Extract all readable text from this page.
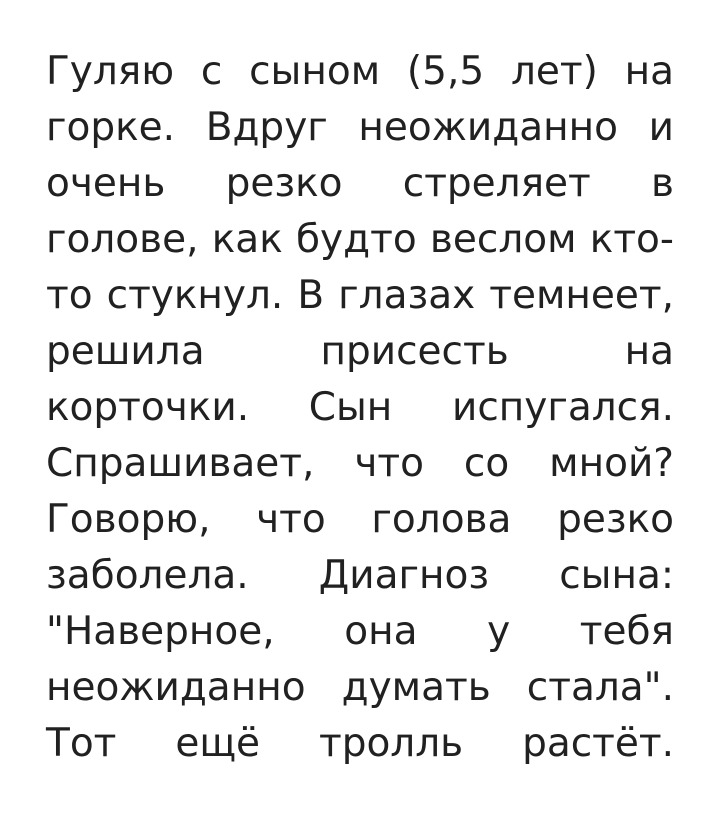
Гуляю с сыном (5,5 лет) на горке. Вдруг неожиданно и очень резко стреляет в голове, как будто веслом кто-то стукнул. В глазах темнеет, решила присесть на корточки. Сын испугался. Спрашивает, что со мной? Говорю, что голова резко заболела. Диагноз сына: "Наверное, она у тебя неожиданно думать стала". Тот ещё тролль растёт.
